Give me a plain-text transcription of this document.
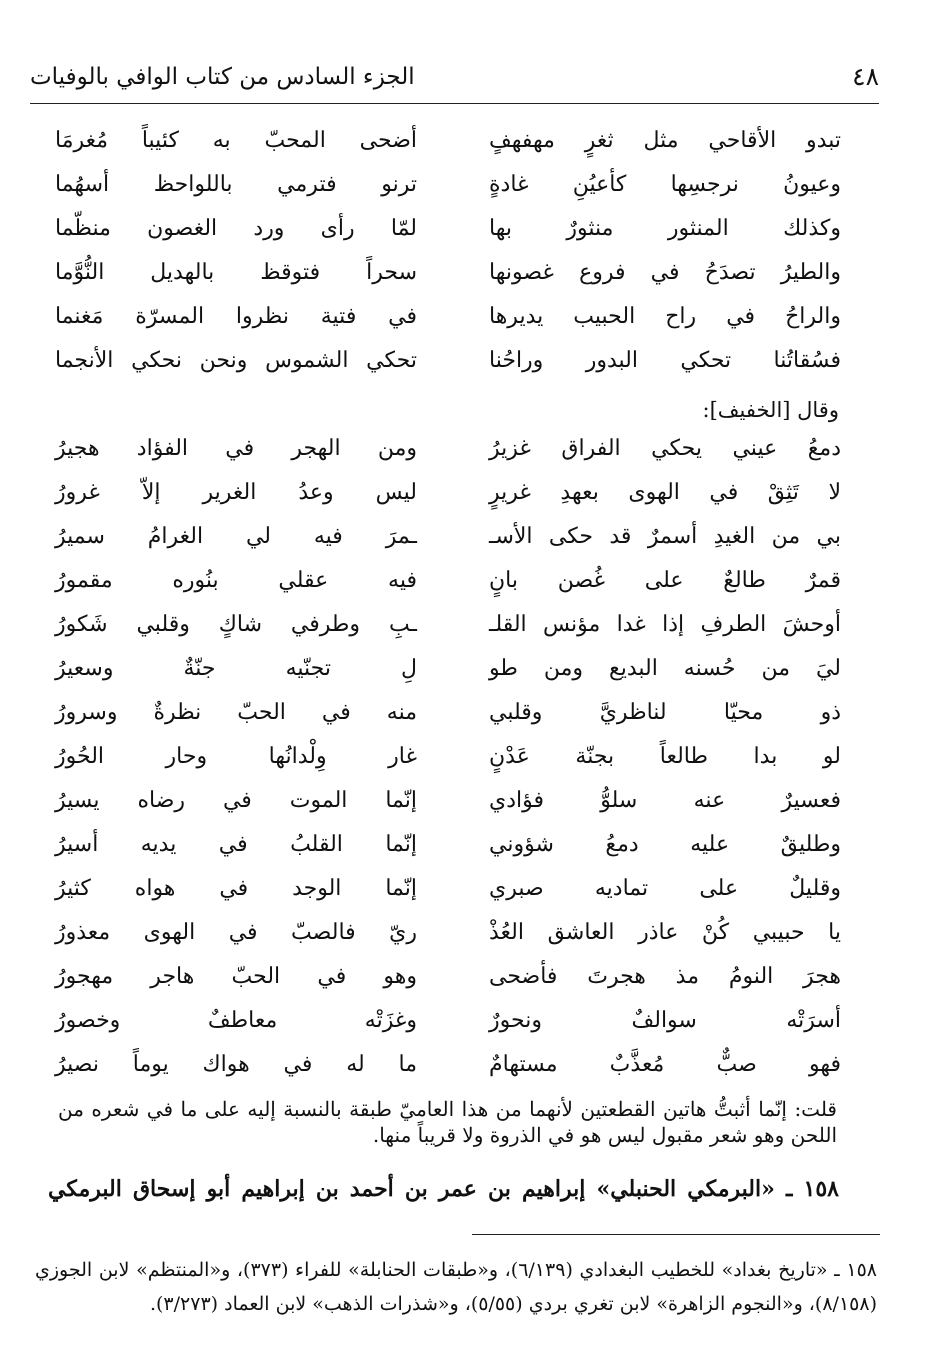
٤٨
الجزء السادس من كتاب الوافي بالوفيات
تبدو الأقاحي مثل ثغرٍ مهفهفٍ
أضحى المحبّ به كئيباً مُغرمَا
وعيونُ نرجسِها كأعيُنِ غادةٍ
ترنو فترمي باللواحظ أسهُما
وكذلك المنثور منثورٌ بها
لمّا رأى ورد الغصون منظّما
والطيرُ تصدَحُ في فروع غصونها
سحراً فتوقظ بالهديل النُّوَّما
والراحُ في راح الحبيب يديرها
في فتية نظروا المسرّة مَغنما
فسُقاتُنا تحكي البدور وراحُنا
تحكي الشموس ونحن نحكي الأنجما
وقال [الخفيف]:
دمعُ عيني يحكي الفراق غزيرُ
ومن الهجر في الفؤاد هجيرُ
لا تَثِقْ في الهوى بعهدِ غريرٍ
ليس وعدُ الغرير إلاّ غرورُ
بي من الغيدِ أسمرٌ قد حكى الأسـ
ـمرَ فيه لي الغرامُ سميرُ
قمرٌ طالعٌ على غُصن بانٍ
فيه عقلي بنُوره مقمورُ
أوحشَ الطرفِ إذا غدا مؤنس القلـ
ـبِ وطرفي شاكٍ وقلبي شَكورُ
ليَ من حُسنه البديع ومن طو
لِ تجنّيه جنّةٌ وسعيرُ
ذو محيّا لناظريَّ وقلبي
منه في الحبّ نظرةٌ وسرورُ
لو بدا طالعاً بجنّة عَدْنٍ
غار وِلْدانُها وحار الحُورُ
فعسيرٌ عنه سلوُّ فؤادي
إنّما الموت في رضاه يسيرُ
وطليقٌ عليه دمعُ شؤوني
إنّما القلبُ في يديه أسيرُ
وقليلٌ على تماديه صبري
إنّما الوجد في هواه كثيرُ
يا حبيبي كُنْ عاذر العاشق العُذْ
ريّ فالصبّ في الهوى معذورُ
هجرَ النومُ مذ هجرتَ فأضحى
وهو في الحبّ هاجر مهجورُ
أسرَتْه سوالفٌ ونحورٌ
وغزَتْه معاطفٌ وخصورُ
فهو صبٌّ مُعذَّبٌ مستهامٌ
ما له في هواك يوماً نصيرُ
قلت: إنّما أثبتُّ هاتين القطعتين لأنهما من هذا العاميّ طبقة بالنسبة إليه على ما في شعره من اللحن وهو شعر مقبول ليس هو في الذروة ولا قريباً منها.
١٥٨ ـ «البرمكي الحنبلي» إبراهيم بن عمر بن أحمد بن إبراهيم أبو إسحاق البرمكي
١٥٨ ـ «تاريخ بغداد» للخطيب البغدادي (٦/١٣٩)، و«طبقات الحنابلة» للفراء (٣٧٣)، و«المنتظم» لابن الجوزي (٨/١٥٨)، و«النجوم الزاهرة» لابن تغري بردي (٥/٥٥)، و«شذرات الذهب» لابن العماد (٣/٢٧٣).
